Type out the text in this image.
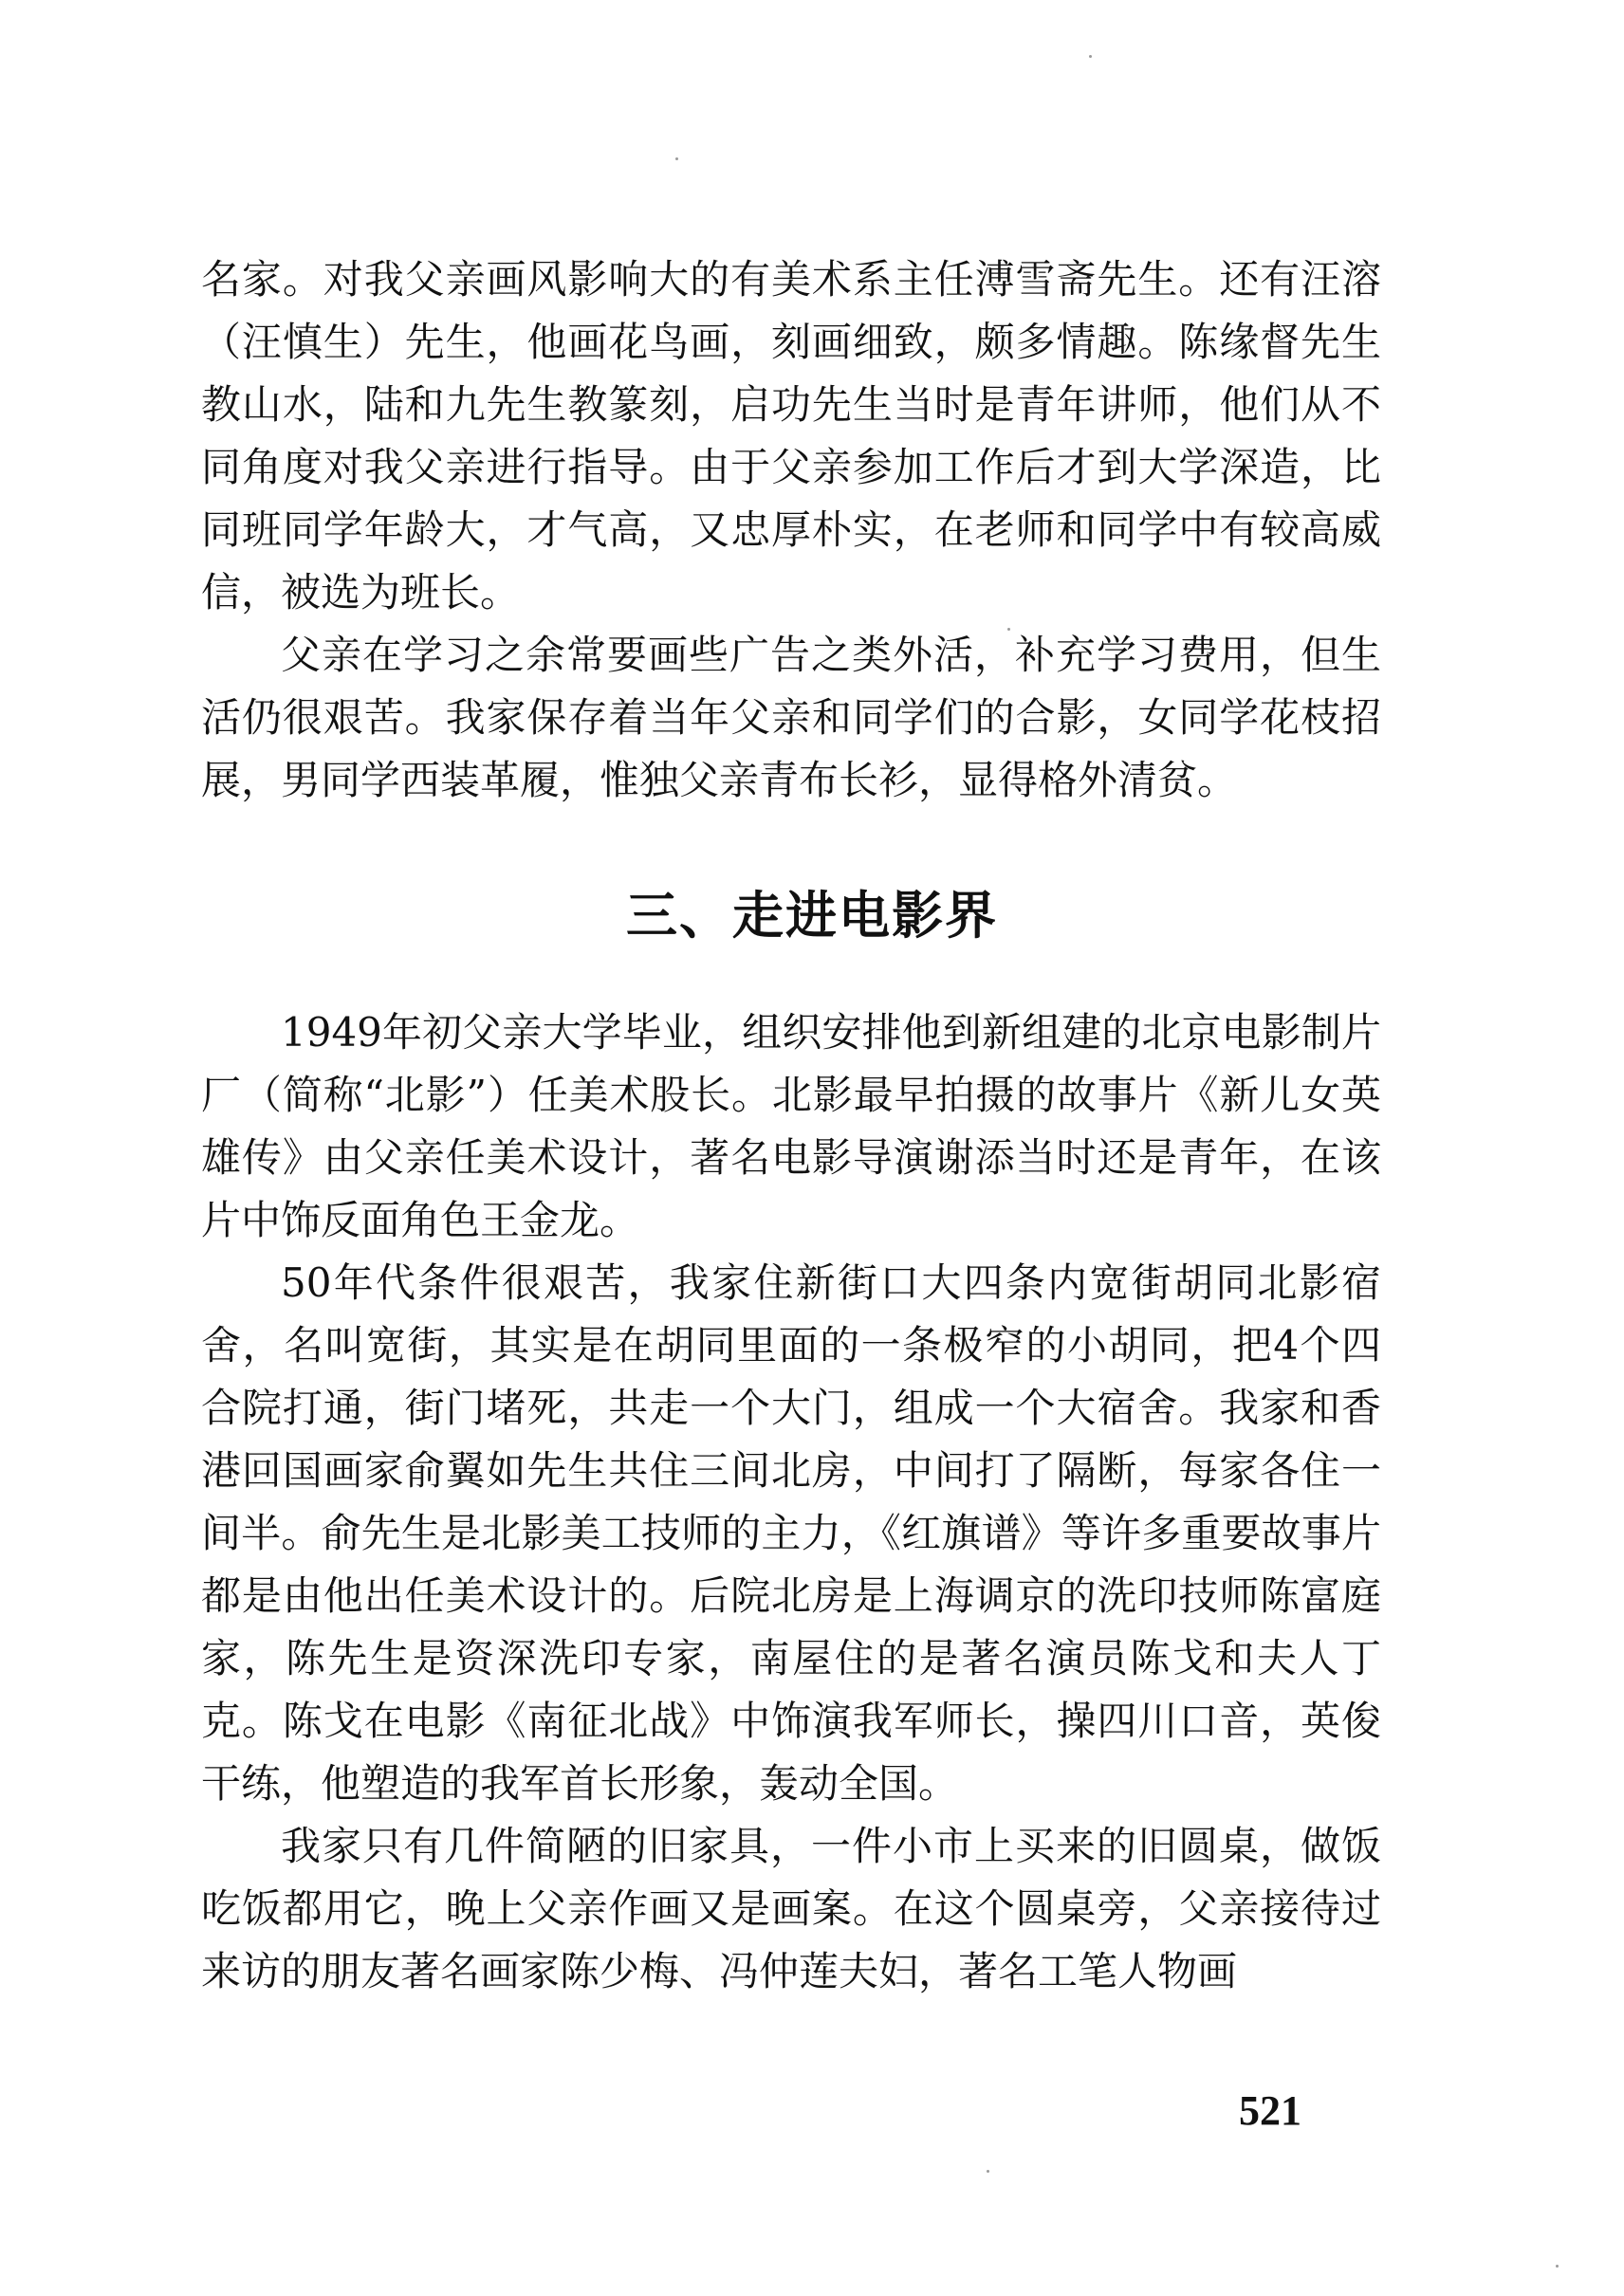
名家。对我父亲画风影响大的有美术系主任溥雪斋先生。还有汪溶（汪慎生）先生，他画花鸟画，刻画细致，颇多情趣。陈缘督先生教山水，陆和九先生教篆刻，启功先生当时是青年讲师，他们从不同角度对我父亲进行指导。由于父亲参加工作后才到大学深造，比同班同学年龄大，才气高，又忠厚朴实，在老师和同学中有较高威信，被选为班长。

父亲在学习之余常要画些广告之类外活，补充学习费用，但生活仍很艰苦。我家保存着当年父亲和同学们的合影，女同学花枝招展，男同学西装革履，惟独父亲青布长衫，显得格外清贫。

三、走进电影界

1949年初父亲大学毕业，组织安排他到新组建的北京电影制片厂（简称“北影”）任美术股长。北影最早拍摄的故事片《新儿女英雄传》由父亲任美术设计，著名电影导演谢添当时还是青年，在该片中饰反面角色王金龙。

50年代条件很艰苦，我家住新街口大四条内宽街胡同北影宿舍，名叫宽街，其实是在胡同里面的一条极窄的小胡同，把4个四合院打通，街门堵死，共走一个大门，组成一个大宿舍。我家和香港回国画家俞翼如先生共住三间北房，中间打了隔断，每家各住一间半。俞先生是北影美工技师的主力，《红旗谱》等许多重要故事片都是由他出任美术设计的。后院北房是上海调京的洗印技师陈富庭家，陈先生是资深洗印专家，南屋住的是著名演员陈戈和夫人丁克。陈戈在电影《南征北战》中饰演我军师长，操四川口音，英俊干练，他塑造的我军首长形象，轰动全国。

我家只有几件简陋的旧家具，一件小市上买来的旧圆桌，做饭吃饭都用它，晚上父亲作画又是画案。在这个圆桌旁，父亲接待过来访的朋友著名画家陈少梅、冯仲莲夫妇，著名工笔人物画

521
